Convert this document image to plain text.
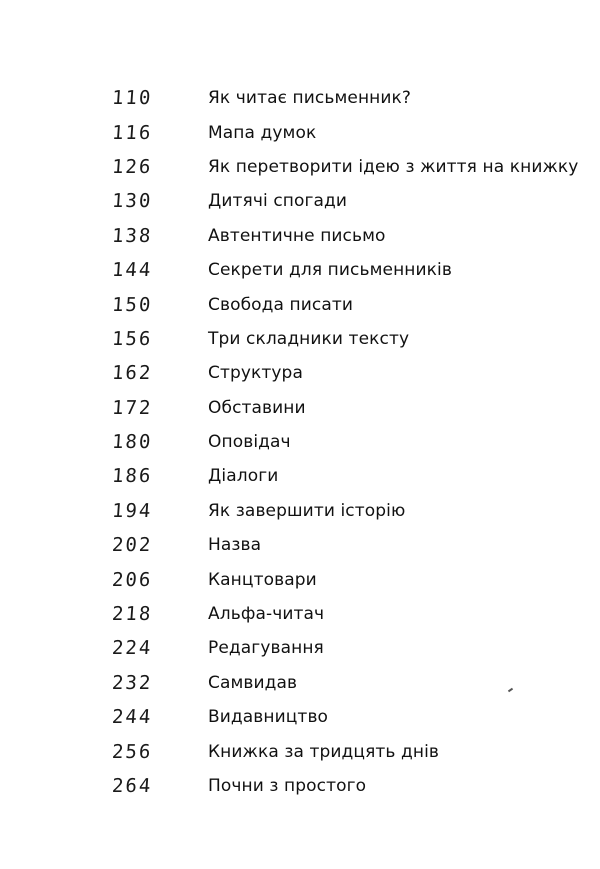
110	Як читає письменник?
116	Мапа думок
126	Як перетворити ідею з життя на книжку
130	Дитячі спогади
138	Автентичне письмо
144	Секрети для письменників
150	Свобода писати
156	Три складники тексту
162	Структура
172	Обставини
180	Оповідач
186	Діалоги
194	Як завершити історію
202	Назва
206	Канцтовари
218	Альфа-читач
224	Редагування
232	Самвидав
244	Видавництво
256	Книжка за тридцять днів
264	Почни з простого
